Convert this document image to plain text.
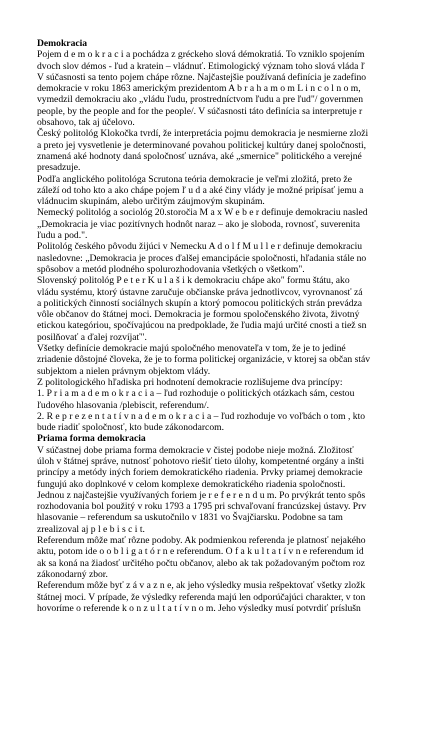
Demokracia
Pojem d e m o k r a c i a pochádza z gréckeho slová démokratiá. To vzniklo spojením
dvoch slov démos - ľud a kratein – vládnuť. Etimologický význam toho slová vláda ľ
V súčasnosti sa tento pojem chápe rôzne. Najčastejšie používaná definícia je zadefino
demokracie v roku 1863 americkým prezidentom A b r a h a m o m L i n c o l n o m,
vymedzil demokraciu ako „vládu ľudu, prostredníctvom ľudu a pre ľud"/ governmen
people, by the people and for the people/. V súčasnosti táto definícia sa interpretuje r
obsahovo, tak aj účelovo.
Český politológ Klokočka tvrdí, že interpretácia pojmu demokracia je nesmierne zloži
a preto jej vysvetlenie je determinované povahou politickej kultúry danej spoločnosti,
znamená aké hodnoty daná spoločnosť uznáva, aké „smernice" politického a verejné
presadzuje.
Podľa anglického politológa Scrutona teória demokracie je veľmi zložitá, preto že
záleží od toho kto a ako chápe pojem ľ u d a aké činy vlády je možné pripísať jemu a
vládnucim skupinám, alebo určitým záujmovým skupinám.
Nemecký politológ a sociológ 20.storočia M a x W e b e r definuje demokraciu nasled
„Demokracia je viac pozitívnych hodnôt naraz – ako je sloboda, rovnosť, suverenita
ľudu a pod.".
Politológ českého pôvodu žijúci v Nemecku A d o l f M u l l e r definuje demokraciu
nasledovne: „Demokracia je proces ďalšej emancipácie spoločnosti, hľadania stále no
spôsobov a metód plodného spolurozhodovania všetkých o všetkom".
Slovenský politológ P e t e r K u l a š i k demokraciu chápe ako" formu štátu, ako
vládu systému, ktorý ústavne zaručuje občianske práva jednotlivcov, vyrovnanosť zá
a politických činností sociálnych skupín a ktorý pomocou politických strán prevádza
vôle občanov do štátnej moci. Demokracia je formou spoločenského života, životný
etickou kategóriou, spočívajúcou na predpoklade, že ľudia majú určité cnosti a tiež sn
posilňovať a ďalej rozvíjať".
Všetky definície demokracie majú spoločného menovateľa v tom, že je to jediné
zriadenie dôstojné človeka, že je to forma politickej organizácie, v ktorej sa občan stáv
subjektom a nielen právnym objektom vlády.
Z politologického hľadiska pri hodnotení demokracie rozlišujeme dva princípy:
1. P r i a m a d e m o k r a c i a – ľud rozhoduje o politických otázkach sám, cestou
ľudového hlasovania /plebiscit, referendum/.
2. R e p r e z e n t a t í v n a d e m o k r a c i a – ľud rozhoduje vo voľbách o tom , kto
bude riadiť spoločnosť, kto bude zákonodarcom.
Priama forma demokracia
V súčastnej dobe priama forma demokracie v čistej podobe nieje možná. Zložitosť
úloh v štátnej správe, nutnosť pohotovo riešiť tieto úlohy, kompetentné orgány a inšti
princípy a metódy iných foriem demokratického riadenia. Prvky priamej demokracie
fungujú ako doplnkové v celom komplexe demokratického riadenia spoločnosti.
Jednou z najčastejšie využívaných foriem je r e f e r e n d u m. Po prvýkrát tento spôs
rozhodovania bol použitý v roku 1793 a 1795 pri schvaľovaní francúzskej ústavy. Prv
hlasovanie – referendum sa uskutočnilo v 1831 vo Švajčiarsku. Podobne sa tam
zrealizoval aj p l e b i s c i t.
Referendum môže mať rôzne podoby. Ak podmienkou referenda je platnosť nejakého
aktu, potom ide o o b l i g a t ó r n e referendum. O f a k u l t a t í v n e referendum id
ak sa koná na žiadosť určitého počtu občanov, alebo ak tak požadovaným počtom roz
zákonodarný zbor.
Referendum môže byť z á v a z n e, ak jeho výsledky musia rešpektovať všetky zložk
štátnej moci. V prípade, že výsledky referenda majú len odporúčajúci charakter, v ton
hovoríme o referende k o n z u l t a t í v n o m. Jeho výsledky musí potvrdiť príslušn
